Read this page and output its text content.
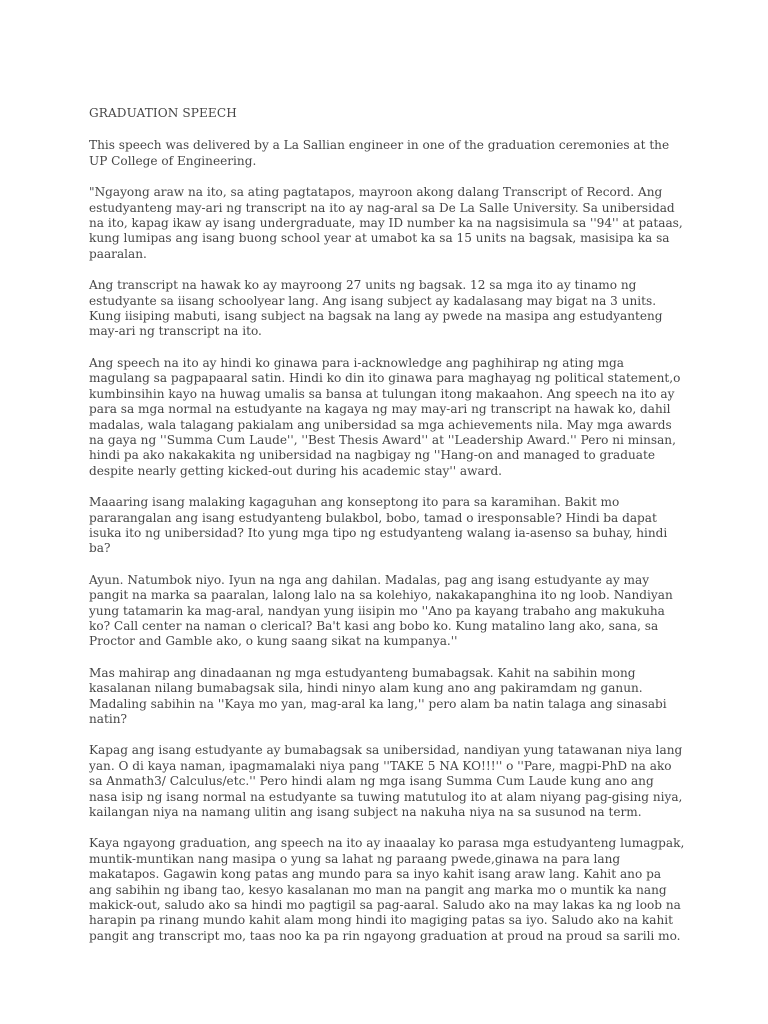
GRADUATION SPEECH

This speech was delivered by a La Sallian engineer in one of the graduation ceremonies at the UP College of Engineering.

"Ngayong araw na ito, sa ating pagtatapos, mayroon akong dalang Transcript of Record. Ang estudyanteng may-ari ng transcript na ito ay nag-aral sa De La Salle University. Sa unibersidad na ito, kapag ikaw ay isang undergraduate, may ID number ka na nagsisimula sa ''94'' at pataas, kung lumipas ang isang buong school year at umabot ka sa 15 units na bagsak, masisipa ka sa paaralan.

Ang transcript na hawak ko ay mayroong 27 units ng bagsak. 12 sa mga ito ay tinamo ng estudyante sa iisang schoolyear lang. Ang isang subject ay kadalasang may bigat na 3 units. Kung iisiping mabuti, isang subject na bagsak na lang ay pwede na masipa ang estudyanteng may-ari ng transcript na ito.

Ang speech na ito ay hindi ko ginawa para i-acknowledge ang paghihirap ng ating mga magulang sa pagpapaaral satin. Hindi ko din ito ginawa para maghayag ng political statement,o kumbinsihin kayo na huwag umalis sa bansa at tulungan itong makaahon. Ang speech na ito ay para sa mga normal na estudyante na kagaya ng may may-ari ng transcript na hawak ko, dahil madalas, wala talagang pakialam ang unibersidad sa mga achievements nila. May mga awards na gaya ng ''Summa Cum Laude'', ''Best Thesis Award'' at ''Leadership Award.'' Pero ni minsan, hindi pa ako nakakakita ng unibersidad na nagbigay ng ''Hang-on and managed to graduate despite nearly getting kicked-out during his academic stay'' award.

Maaaring isang malaking kagaguhan ang konseptong ito para sa karamihan. Bakit mo pararangalan ang isang estudyanteng bulakbol, bobo, tamad o iresponsable? Hindi ba dapat isuka ito ng unibersidad? Ito yung mga tipo ng estudyanteng walang ia-asenso sa buhay, hindi ba?

Ayun. Natumbok niyo. Iyun na nga ang dahilan. Madalas, pag ang isang estudyante ay may pangit na marka sa paaralan, lalong lalo na sa kolehiyo, nakakapanghina ito ng loob. Nandiyan yung tatamarin ka mag-aral, nandyan yung iisipin mo ''Ano pa kayang trabaho ang makukuha ko? Call center na naman o clerical? Ba't kasi ang bobo ko. Kung matalino lang ako, sana, sa Proctor and Gamble ako, o kung saang sikat na kumpanya.''

Mas mahirap ang dinadaanan ng mga estudyanteng bumabagsak. Kahit na sabihin mong kasalanan nilang bumabagsak sila, hindi ninyo alam kung ano ang pakiramdam ng ganun. Madaling sabihin na ''Kaya mo yan, mag-aral ka lang,'' pero alam ba natin talaga ang sinasabi natin?

Kapag ang isang estudyante ay bumabagsak sa unibersidad, nandiyan yung tatawanan niya lang yan. O di kaya naman, ipagmamalaki niya pang ''TAKE 5 NA KO!!!'' o ''Pare, magpi-PhD na ako sa Anmath3/ Calculus/etc.'' Pero hindi alam ng mga isang Summa Cum Laude kung ano ang nasa isip ng isang normal na estudyante sa tuwing matutulog ito at alam niyang pag-gising niya, kailangan niya na namang ulitin ang isang subject na nakuha niya na sa susunod na term.

Kaya ngayong graduation, ang speech na ito ay inaaalay ko parasa mga estudyanteng lumagpak, muntik-muntikan nang masipa o yung sa lahat ng paraang pwede,ginawa na para lang makatapos. Gagawin kong patas ang mundo para sa inyo kahit isang araw lang. Kahit ano pa ang sabihin ng ibang tao, kesyo kasalanan mo man na pangit ang marka mo o muntik ka nang makick-out, saludo ako sa hindi mo pagtigil sa pag-aaral. Saludo ako na may lakas ka ng loob na harapin pa rinang mundo kahit alam mong hindi ito magiging patas sa iyo. Saludo ako na kahit pangit ang transcript mo, taas noo ka pa rin ngayong graduation at proud na proud sa sarili mo.
